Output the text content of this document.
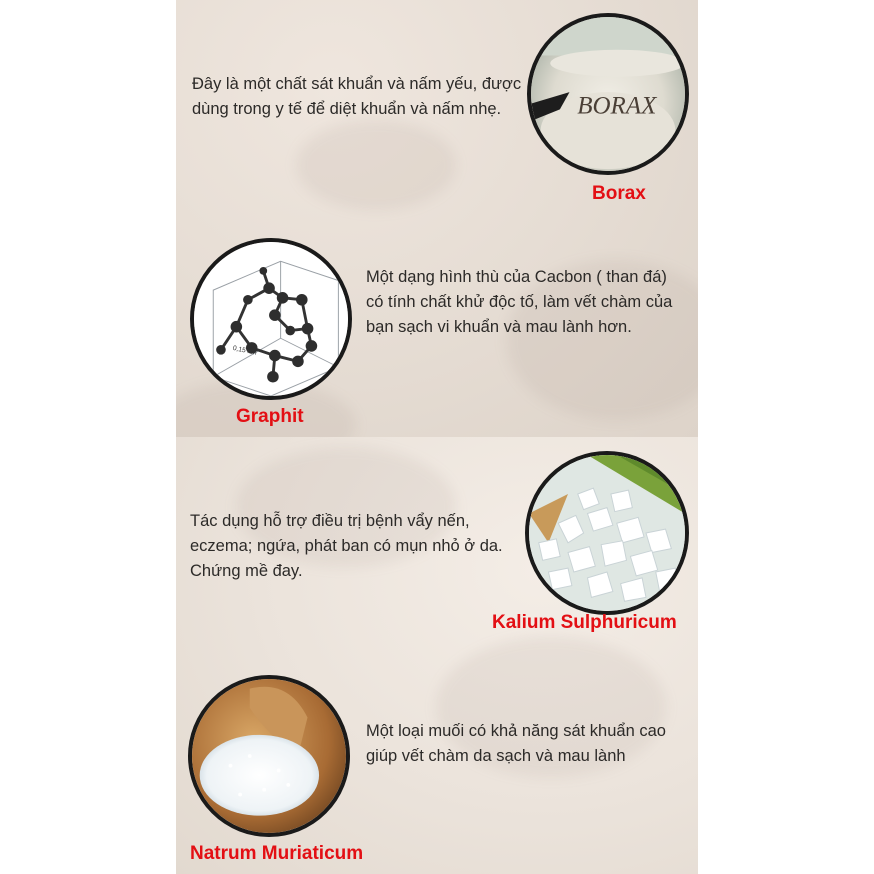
Đây là một chất sát khuẩn và nấm yếu, được dùng trong y tế để diệt khuẩn và nấm nhẹ.	BORAX
Borax
0,15 nm

Một dạng hình thù của Cacbon ( than đá) có tính chất khử độc tố, làm vết chàm của bạn sạch vi khuẩn và mau lành hơn.

Graphit

Tác dụng hỗ trợ điều trị bệnh vẩy nến, eczema; ngứa, phát ban có mụn nhỏ ở da. Chứng mề đay.

Kalium Sulphuricum

Một loại muối có khả năng sát khuẩn cao giúp vết chàm da sạch và mau lành

Natrum Muriaticum
